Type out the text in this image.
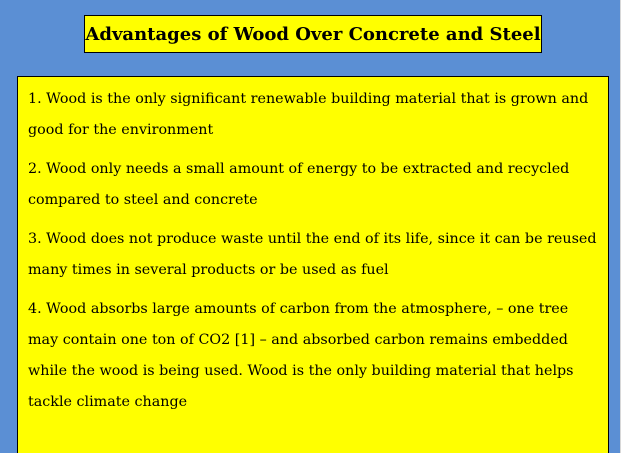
Advantages of Wood Over Concrete and Steel

1. Wood is the only significant renewable building material that is grown and good for the environment

2. Wood only needs a small amount of energy to be extracted and recycled compared to steel and concrete

3. Wood does not produce waste until the end of its life, since it can be reused many times in several products or be used as fuel

4. Wood absorbs large amounts of carbon from the atmosphere, – one tree may contain one ton of CO2 [1] – and absorbed carbon remains embedded while the wood is being used. Wood is the only building material that helps tackle climate change
